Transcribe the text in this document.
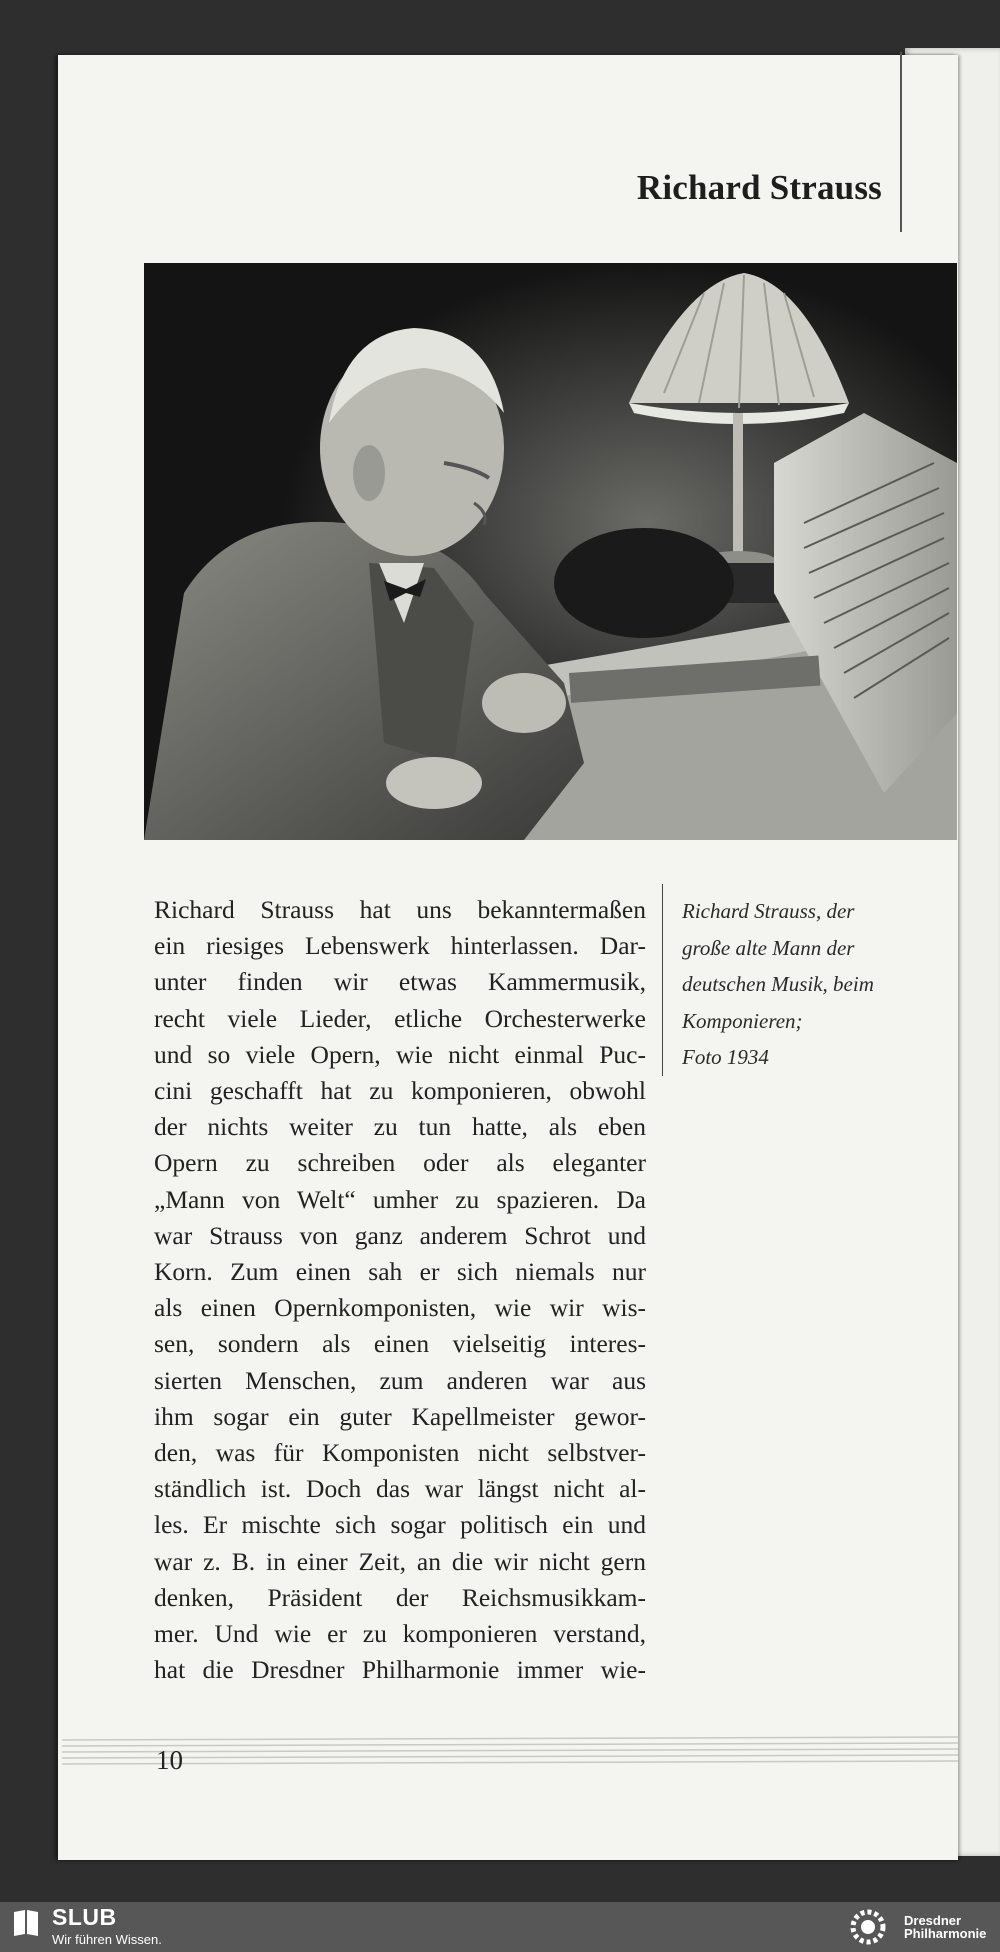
Richard Strauss
Richard Strauss hat uns bekanntermaßen
ein riesiges Lebenswerk hinterlassen. Dar-
unter finden wir etwas Kammermusik,
recht viele Lieder, etliche Orchesterwerke
und so viele Opern, wie nicht einmal Puc-
cini geschafft hat zu komponieren, obwohl
der nichts weiter zu tun hatte, als eben
Opern zu schreiben oder als eleganter
„Mann von Welt“ umher zu spazieren. Da
war Strauss von ganz anderem Schrot und
Korn. Zum einen sah er sich niemals nur
als einen Opernkomponisten, wie wir wis-
sen, sondern als einen vielseitig interes-
sierten Menschen, zum anderen war aus
ihm sogar ein guter Kapellmeister gewor-
den, was für Komponisten nicht selbstver-
ständlich ist. Doch das war längst nicht al-
les. Er mischte sich sogar politisch ein und
war z. B. in einer Zeit, an die wir nicht gern
denken, Präsident der Reichsmusikkam-
mer. Und wie er zu komponieren verstand,
hat die Dresdner Philharmonie immer wie-
Richard Strauss, der
große alte Mann der
deutschen Musik, beim
Komponieren;
Foto 1934
10
SLUB
Wir führen Wissen.
Dresdner
Philharmonie
